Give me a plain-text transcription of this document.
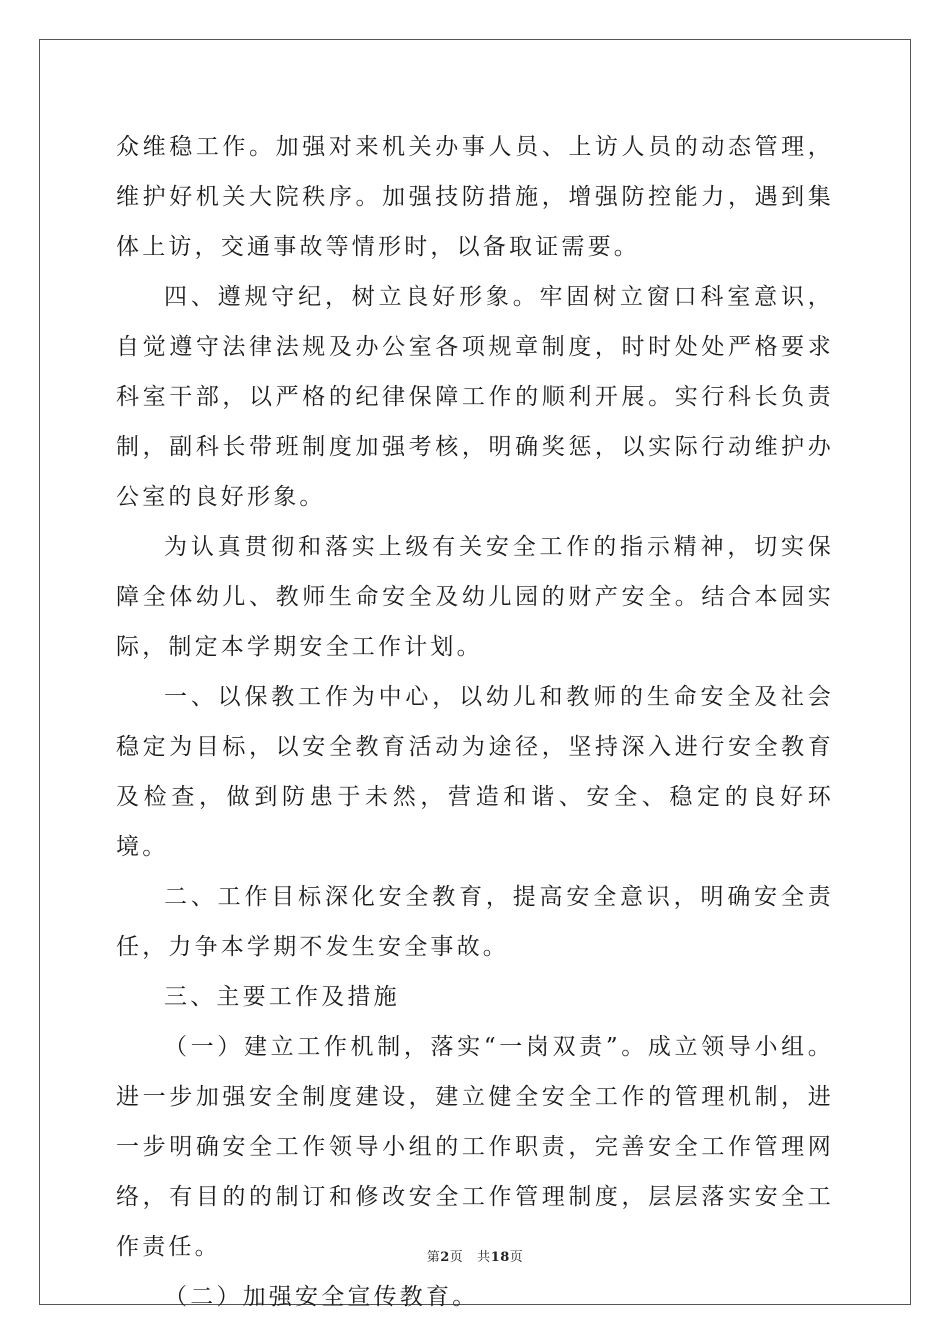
众维稳工作。加强对来机关办事人员、上访人员的动态管理，维护好机关大院秩序。加强技防措施，增强防控能力，遇到集体上访，交通事故等情形时，以备取证需要。

四、遵规守纪，树立良好形象。牢固树立窗口科室意识，自觉遵守法律法规及办公室各项规章制度，时时处处严格要求科室干部，以严格的纪律保障工作的顺利开展。实行科长负责制，副科长带班制度加强考核，明确奖惩，以实际行动维护办公室的良好形象。

为认真贯彻和落实上级有关安全工作的指示精神，切实保障全体幼儿、教师生命安全及幼儿园的财产安全。结合本园实际，制定本学期安全工作计划。

一、以保教工作为中心，以幼儿和教师的生命安全及社会稳定为目标，以安全教育活动为途径，坚持深入进行安全教育及检查，做到防患于未然，营造和谐、安全、稳定的良好环境。

二、工作目标深化安全教育，提高安全意识，明确安全责任，力争本学期不发生安全事故。

三、主要工作及措施

（一）建立工作机制，落实“一岗双责”。成立领导小组。进一步加强安全制度建设，建立健全安全工作的管理机制，进一步明确安全工作领导小组的工作职责，完善安全工作管理网络，有目的的制订和修改安全工作管理制度，层层落实安全工作责任。

（二）加强安全宣传教育。

第2页 共18页
